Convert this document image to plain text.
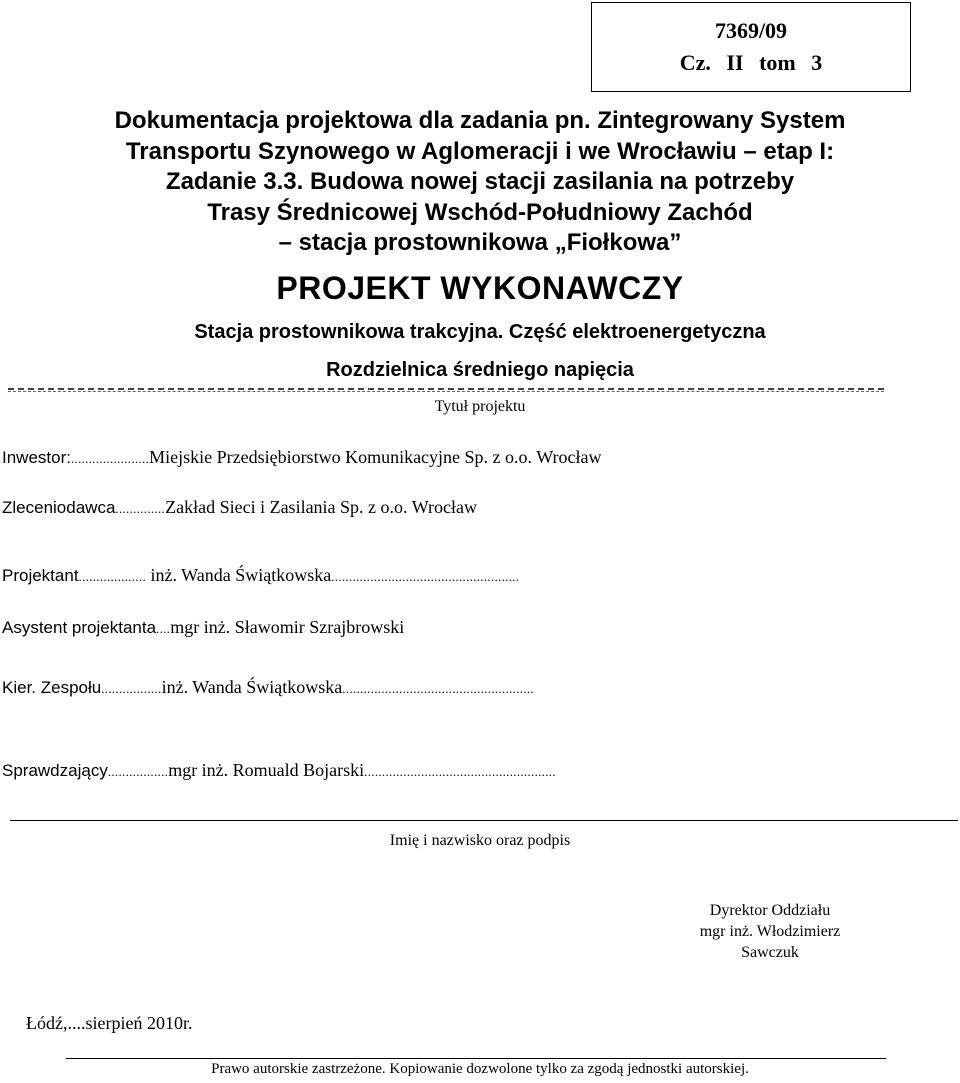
7369/09
Cz. II tom 3
Dokumentacja projektowa dla zadania pn. Zintegrowany System
Transportu Szynowego w Aglomeracji i we Wrocławiu – etap I:
Zadanie 3.3. Budowa nowej stacji zasilania na potrzeby
Trasy Średnicowej Wschód-Południowy Zachód
– stacja prostownikowa „Fiołkowa”
PROJEKT WYKONAWCZY
Stacja prostownikowa trakcyjna. Część elektroenergetyczna
Rozdzielnica średniego napięcia
Tytuł projektu
Inwestor:......................Miejskie Przedsiębiorstwo Komunikacyjne Sp. z o.o. Wrocław
Zleceniodawca..............Zakład Sieci i Zasilania Sp. z o.o. Wrocław
Projektant................... inż. Wanda Świątkowska.....................................................
Asystent projektanta....mgr inż. Sławomir Szrajbrowski
Kier. Zespołu.................inż. Wanda Świątkowska......................................................
Sprawdzający.................mgr inż. Romuald Bojarski......................................................
Imię i nazwisko oraz podpis
Dyrektor Oddziału
mgr inż. Włodzimierz Sawczuk
Łódź,....sierpień 2010r.
Prawo autorskie zastrzeżone. Kopiowanie dozwolone tylko za zgodą jednostki autorskiej.
